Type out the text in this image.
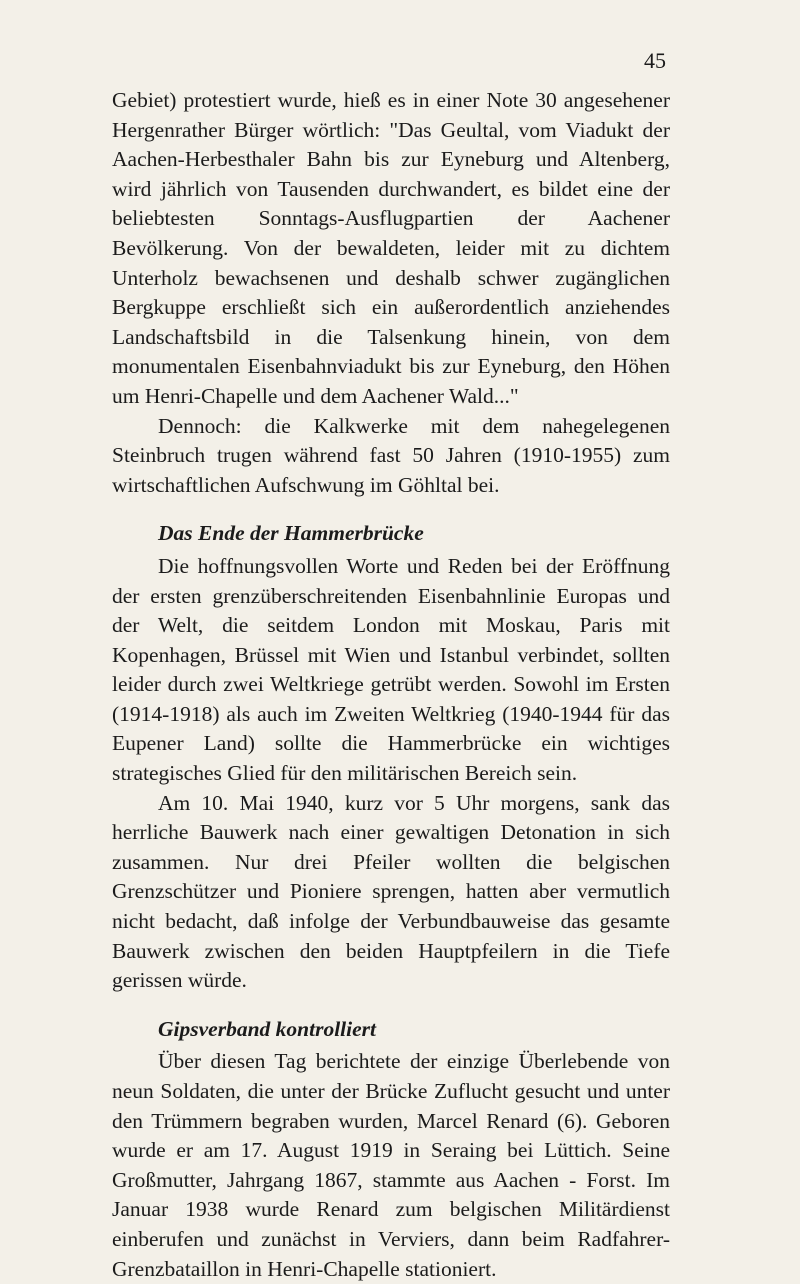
45

Gebiet) protestiert wurde, hieß es in einer Note 30 angesehener Hergenrather Bürger wörtlich: "Das Geultal, vom Viadukt der Aachen-Herbesthaler Bahn bis zur Eyneburg und Altenberg, wird jährlich von Tausenden durchwandert, es bildet eine der beliebtesten Sonntags-Ausflugpartien der Aachener Bevölkerung. Von der bewaldeten, leider mit zu dichtem Unterholz bewachsenen und deshalb schwer zugänglichen Bergkuppe erschließt sich ein außerordentlich anziehendes Landschaftsbild in die Talsenkung hinein, von dem monumentalen Eisenbahnviadukt bis zur Eyneburg, den Höhen um Henri-Chapelle und dem Aachener Wald..."

Dennoch: die Kalkwerke mit dem nahegelegenen Steinbruch trugen während fast 50 Jahren (1910-1955) zum wirtschaftlichen Aufschwung im Göhltal bei.

Das Ende der Hammerbrücke

Die hoffnungsvollen Worte und Reden bei der Eröffnung der ersten grenzüberschreitenden Eisenbahnlinie Europas und der Welt, die seitdem London mit Moskau, Paris mit Kopenhagen, Brüssel mit Wien und Istanbul verbindet, sollten leider durch zwei Weltkriege getrübt werden. Sowohl im Ersten (1914-1918) als auch im Zweiten Weltkrieg (1940-1944 für das Eupener Land) sollte die Hammerbrücke ein wichtiges strategisches Glied für den militärischen Bereich sein.

Am 10. Mai 1940, kurz vor 5 Uhr morgens, sank das herrliche Bauwerk nach einer gewaltigen Detonation in sich zusammen. Nur drei Pfeiler wollten die belgischen Grenzschützer und Pioniere sprengen, hatten aber vermutlich nicht bedacht, daß infolge der Verbundbauweise das gesamte Bauwerk zwischen den beiden Hauptpfeilern in die Tiefe gerissen würde.

Gipsverband kontrolliert

Über diesen Tag berichtete der einzige Überlebende von neun Soldaten, die unter der Brücke Zuflucht gesucht und unter den Trümmern begraben wurden, Marcel Renard (6). Geboren wurde er am 17. August 1919 in Seraing bei Lüttich. Seine Großmutter, Jahrgang 1867, stammte aus Aachen - Forst. Im Januar 1938 wurde Renard zum belgischen Militärdienst einberufen und zunächst in Verviers, dann beim Radfahrer-Grenzbataillon in Henri-Chapelle stationiert.
